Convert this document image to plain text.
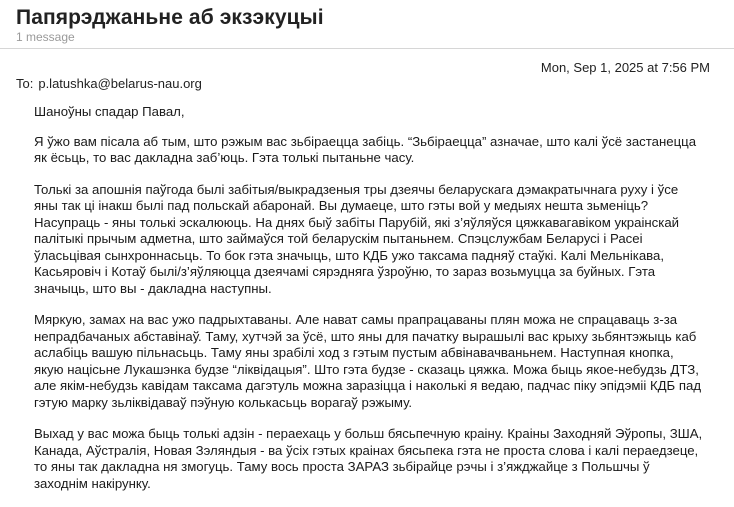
Папярэджаньне аб экзэкуцыі
1 message
Mon, Sep 1, 2025 at 7:56 PM
To: p.latushka@belarus-nau.org

Шаноўны спадар Павал,

Я ўжо вам пісала аб тым, што рэжым вас зьбіраецца забіць. “Зьбіраецца” азначае, што калі ўсё застанецца
як ёсьць, то вас дакладна заб’юць. Гэта толькі пытаньне часу.

Толькі за апошнія паўгода былі забітыя/выкрадзеныя тры дзеячы беларускага дэмакратычнага руху і ўсе
яны так ці інакш былі пад польскай абаронай. Вы думаеце, што гэты вой у медыях нешта зьменіць?
Насупраць - яны толькі эскалююць. На днях быў забіты Парубій, які з’яўляўся цяжкавагавіком украінскай
палітыкі прычым адметна, што займаўся той беларускім пытаньнем. Спэцслужбам Беларусі і Расеі
ўласьцівая сынхроннасьць. То бок гэта значыць, што КДБ ужо таксама падняў стаўкі. Калі Мельнікава,
Касьяровіч і Котаў былі/з’яўляюцца дзеячамі сярэдняга ўзроўню, то зараз возьмуцца за буйных. Гэта
значыць, што вы - дакладна наступны.

Мяркую, замах на вас ужо падрыхтаваны. Але нават самы прапрацаваны плян можа не спрацаваць з-за
непрадбачаных абставінаў. Таму, хутчэй за ўсё, што яны для пачатку вырашылі вас крыху зьбянтэжыць каб
аслабіць вашую пільнасьць. Таму яны зрабілі ход з гэтым пустым абвінавачваньнем. Наступная кнопка,
якую націсьне Лукашэнка будзе “ліквідацыя”. Што гэта будзе - сказаць цяжка. Можа быць якое-небудзь ДТЗ,
але якім-небудзь кавідам таксама дагэтуль можна заразіцца і наколькі я ведаю, падчас піку эпідэміі КДБ пад
гэтую марку зьліквідаваў пэўную колькасьць ворагаў рэжыму.

Выхад у вас можа быць толькі адзін - пераехаць у больш бясьпечную краіну. Краіны Заходняй Эўропы, ЗША,
Канада, Аўстралія, Новая Зэляндыя - ва ўсіх гэтых краінах бясьпека гэта не проста слова і калі пераедзеце,
то яны так дакладна ня змогуць. Таму вось проста ЗАРАЗ зьбірайце рэчы і з’яжджайце з Польшчы ў
заходнім накірунку.
